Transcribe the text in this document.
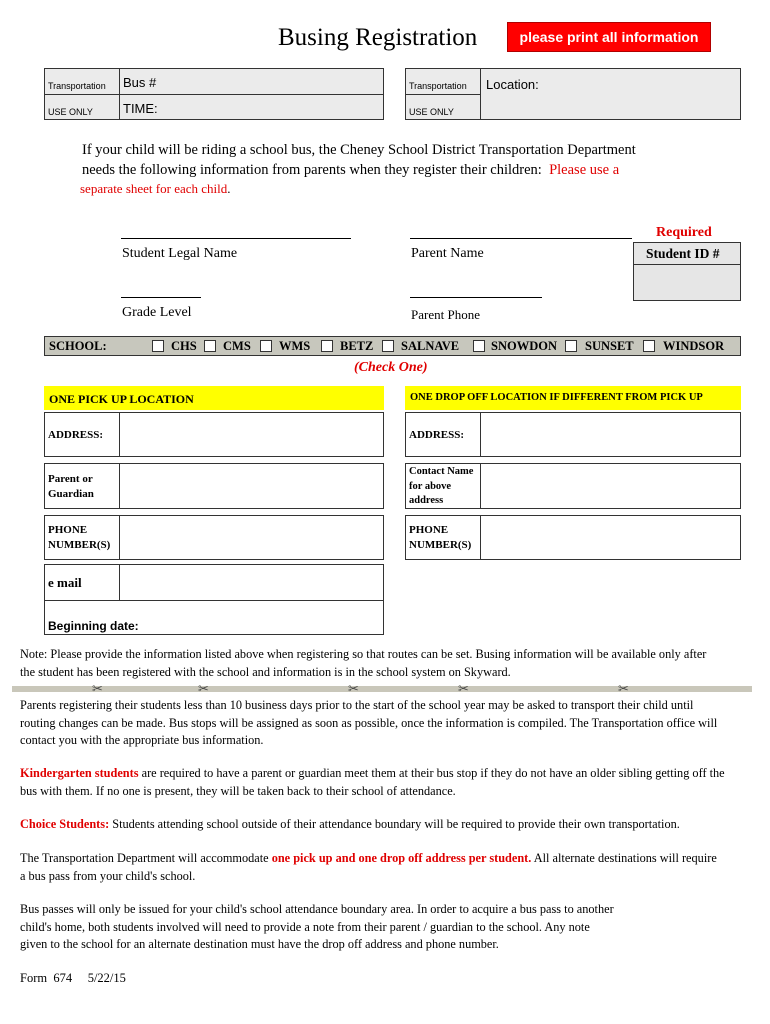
Busing Registration	please print all information
Transportation Bus #
USE ONLY TIME:
Transportation Location:
USE ONLY
If your child will be riding a school bus, the Cheney School District Transportation Department
needs the following information from parents when they register their children: Please use a
separate sheet for each child.
Student Legal Name	Parent Name
Required
Student ID #
Grade Level	Parent Phone
SCHOOL:	CHS CMS WMS BETZ SALNAVE	SNOWDON SUNSET WINDSOR
(Check One)
ONE PICK UP LOCATION
ADDRESS:
Parent or
Guardian
PHONE
NUMBER(S)
e mail
Beginning date:
ONE DROP OFF LOCATION IF DIFFERENT FROM PICK UP
ADDRESS:
Contact Name
for above
address
PHONE
NUMBER(S)
Note: Please provide the information listed above when registering so that routes can be set. Busing information will be available only after
the student has been registered with the school and information is in the school system on Skyward.
✂	✂	✂	✂	✂
Parents registering their students less than 10 business days prior to the start of the school year may be asked to transport their child until
routing changes can be made. Bus stops will be assigned as soon as possible, once the information is compiled. The Transportation office will
contact you with the appropriate bus information.
Kindergarten students are required to have a parent or guardian meet them at their bus stop if they do not have an older sibling getting off the
bus with them. If no one is present, they will be taken back to their school of attendance.
Choice Students: Students attending school outside of their attendance boundary will be required to provide their own transportation.
The Transportation Department will accommodate one pick up and one drop off address per student. All alternate destinations will require
a bus pass from your child's school.
Bus passes will only be issued for your child's school attendance boundary area. In order to acquire a bus pass to another
child's home, both students involved will need to provide a note from their parent / guardian to the school. Any note
given to the school for an alternate destination must have the drop off address and phone number.
Form  674     5/22/15
